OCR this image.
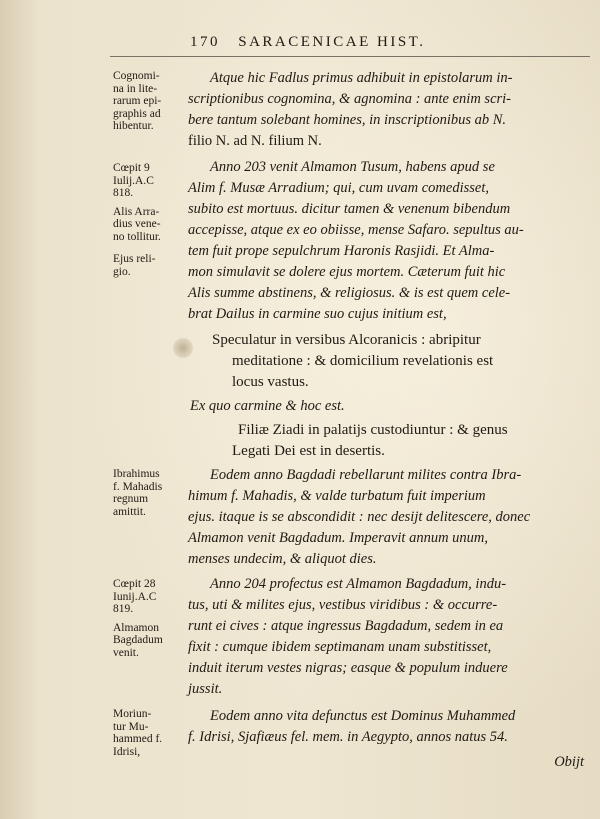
170 SARACENICAE HIST.
Cognomi-
na in lite-
rarum epi-
graphis ad
hibentur.
Atque hic Fadlus primus adhibuit in epistolarum in-
scriptionibus cognomina, & agnomina : ante enim scri-
bere tantum solebant homines, in inscriptionibus ab N.
filio N. ad N. filium N.
Cœpit 9
Iulij.A.C
818.
Alis Arra-
dius vene-
no tollitur.
Ejus reli-
gio.
Anno 203 venit Almamon Tusum, habens apud se
Alim f. Musæ Arradium; qui, cum uvam comedisset,
subito est mortuus. dicitur tamen & venenum bibendum
accepisse, atque ex eo obiisse, mense Safaro. sepultus au-
tem fuit prope sepulchrum Haronis Rasjidi. Et Alma-
mon simulavit se dolere ejus mortem. Cæterum fuit hic
Alis summe abstinens, & religiosus. & is est quem cele-
brat Dailus in carmine suo cujus initium est,
Speculatur in versibus Alcoranicis : abripitur
meditatione : & domicilium revelationis est
locus vastus.
Ex quo carmine & hoc est.
Filiæ Ziadi in palatijs custodiuntur : & genus
Legati Dei est in desertis.
Ibrahimus
f. Mahadis
regnum
amittit.
Eodem anno Bagdadi rebellarunt milites contra Ibra-
himum f. Mahadis, & valde turbatum fuit imperium
ejus. itaque is se abscondidit : nec desijt delitescere, donec
Almamon venit Bagdadum. Imperavit annum unum,
menses undecim, & aliquot dies.
Cœpit 28
Iunij.A.C
819.
Almamon
Bagdadum
venit.
Anno 204 profectus est Almamon Bagdadum, indu-
tus, uti & milites ejus, vestibus viridibus : & occurre-
runt ei cives : atque ingressus Bagdadum, sedem in ea
fixit : cumque ibidem septimanam unam substitisset,
induit iterum vestes nigras; easque & populum induere
jussit.
Moriun-
tur Mu-
hammed f.
Idrisi,
Eodem anno vita defunctus est Dominus Muhammed
f. Idrisi, Sjafiæus fel. mem. in Aegypto, annos natus 54.
Obijt
